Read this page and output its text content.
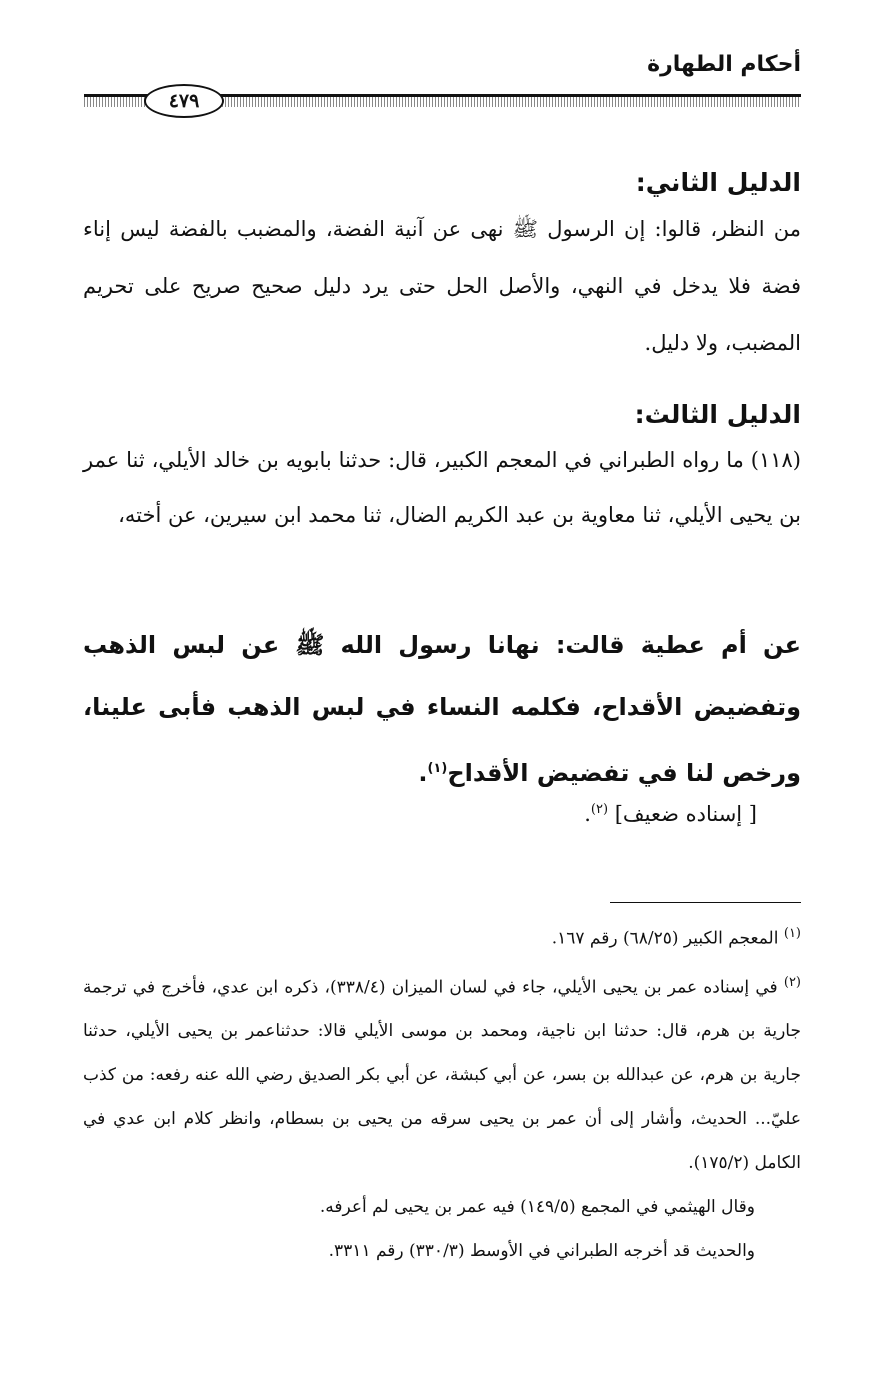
أحكام الطهارة
٤٧٩
الدليل الثاني:
من النظر، قالوا: إن الرسول ﷺ نهى عن آنية الفضة، والمضبب بالفضة ليس إناء فضة فلا يدخل في النهي، والأصل الحل حتى يرد دليل صحيح صريح على تحريم المضبب، ولا دليل.
الدليل الثالث:
(١١٨) ما رواه الطبراني في المعجم الكبير، قال: حدثنا بابويه بن خالد الأيلي، ثنا عمر بن يحيى الأيلي، ثنا معاوية بن عبد الكريم الضال، ثنا محمد ابن سيرين، عن أخته،
عن أم عطية قالت: نهانا رسول الله ﷺ عن لبس الذهب وتفضيض الأقداح، فكلمه النساء في لبس الذهب فأبى علينا، ورخص لنا في تفضيض الأقداح$^{(١)}$.
[ إسناده ضعيف] $^{(٢)}$.

$^{(١)}$ المعجم الكبير (٦٨/٢٥) رقم ١٦٧.

$^{(٢)}$ في إسناده عمر بن يحيى الأيلي، جاء في لسان الميزان (٣٣٨/٤)، ذكره ابن عدي، فأخرج في ترجمة جارية بن هرم، قال: حدثنا ابن ناجية، ومحمد بن موسى الأيلي قالا: حدثناعمر بن يحيى الأيلي، حدثنا جارية بن هرم، عن عبدالله بن بسر، عن أبي كبشة، عن أبي بكر الصديق رضي الله عنه رفعه: من كذب عليّ... الحديث، وأشار إلى أن عمر بن يحيى سرقه من يحيى بن بسطام، وانظر كلام ابن عدي في الكامل (١٧٥/٢).

وقال الهيثمي في المجمع (١٤٩/٥) فيه عمر بن يحيى لم أعرفه.

والحديث قد أخرجه الطبراني في الأوسط (٣٣٠/٣) رقم ٣٣١١.
